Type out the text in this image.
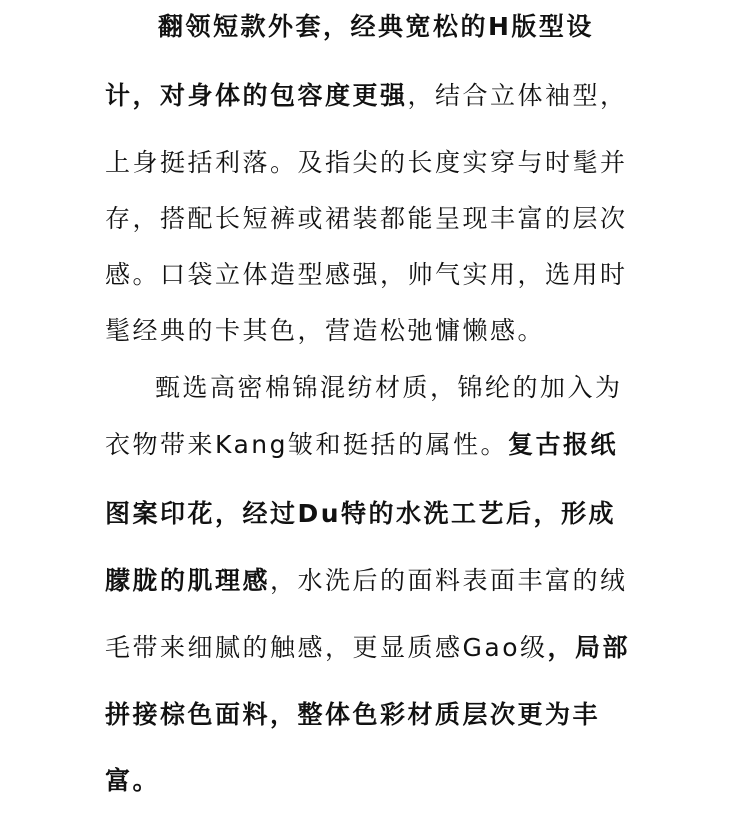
翻领短款外套，经典宽松的H版型设
计，对身体的包容度更强，结合立体袖型，
上身挺括利落。及指尖的长度实穿与时髦并
存，搭配长短裤或裙装都能呈现丰富的层次
感。口袋立体造型感强，帅气实用，选用时
髦经典的卡其色，营造松弛慵懒感。
甄选高密棉锦混纺材质，锦纶的加入为
衣物带来Kang皱和挺括的属性。复古报纸
图案印花，经过Du特的水洗工艺后，形成
朦胧的肌理感，水洗后的面料表面丰富的绒
毛带来细腻的触感，更显质感Gao级，局部
拼接棕色面料，整体色彩材质层次更为丰
富。
